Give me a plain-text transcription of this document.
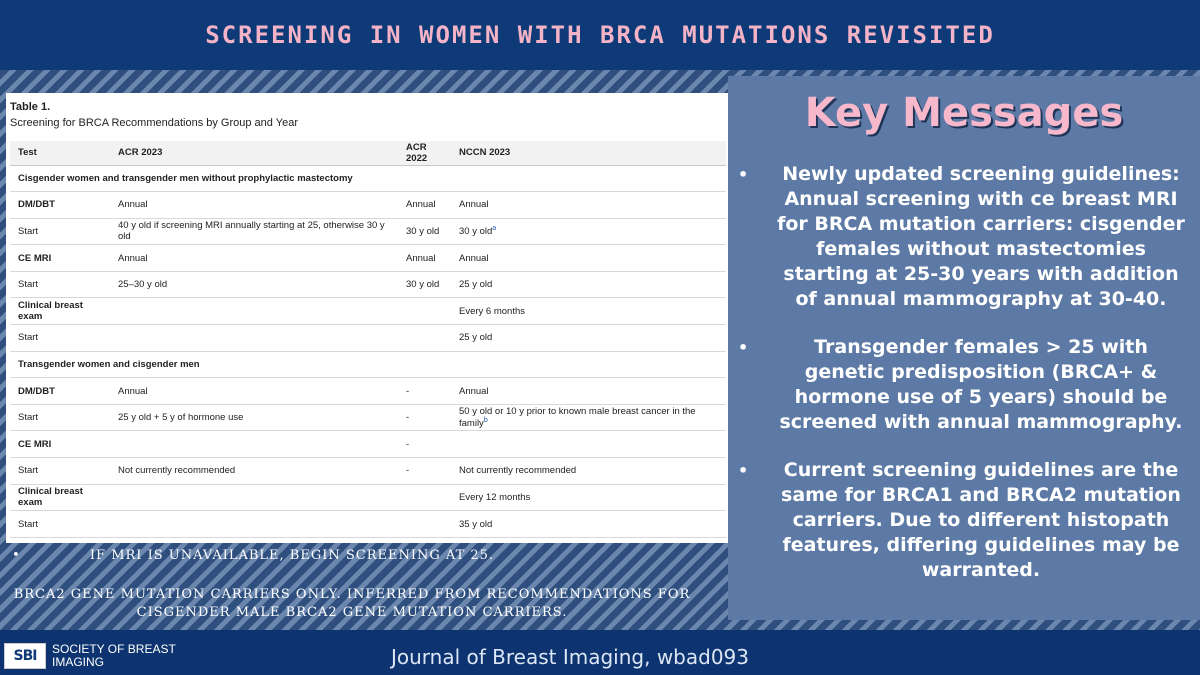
SCREENING IN WOMEN WITH BRCA MUTATIONS REVISITED
Table 1.
Screening for BRCA Recommendations by Group and Year
Test	ACR 2023	ACR 2022	NCCN 2023
Cisgender women and transgender men without prophylactic mastectomy			
DM/DBT	Annual	Annual	Annual
Start	40 y old if screening MRI annually starting at 25, otherwise 30 y old	30 y old	30 y old$^a$
CE MRI	Annual	Annual	Annual
Start	25–30 y old	30 y old	25 y old
Clinical breast exam			Every 6 months
Start			25 y old
Transgender women and cisgender men			
DM/DBT	Annual	-	Annual
Start	25 y old + 5 y of hormone use	-	50 y old or 10 y prior to known male breast cancer in the family$^b$
CE MRI		-	
Start	Not currently recommended	-	Not currently recommended
Clinical breast exam			Every 12 months
Start			35 y old
•	IF MRI IS UNAVAILABLE, BEGIN SCREENING AT 25.
BRCA2 GENE MUTATION CARRIERS ONLY. INFERRED FROM RECOMMENDATIONS FOR CISGENDER MALE BRCA2 GENE MUTATION CARRIERS.
Key Messages
• Newly updated screening guidelines: Annual screening with ce breast MRI for BRCA mutation carriers: cisgender females without mastectomies starting at 25-30 years with addition of annual mammography at 30-40.
•	Transgender females > 25 with genetic predisposition (BRCA+ & hormone use of 5 years) should be screened with annual mammography.
• Current screening guidelines are the same for BRCA1 and BRCA2 mutation carriers. Due to different histopath features, differing guidelines may be warranted.
SBI SOCIETY OF BREAST IMAGING	Journal of Breast Imaging, wbad093
